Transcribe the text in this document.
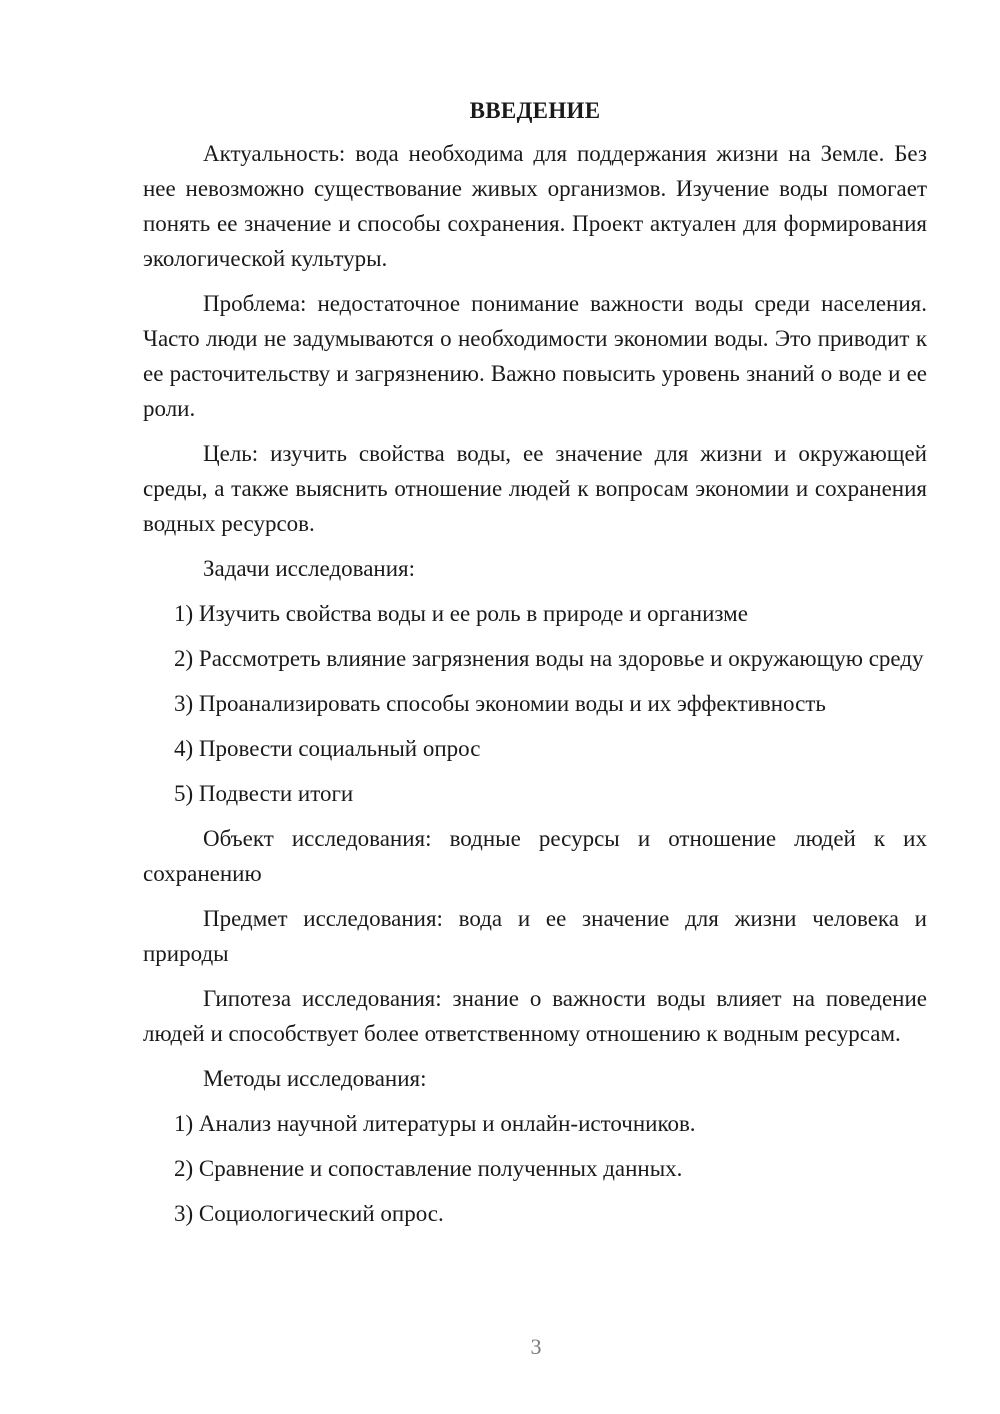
ВВЕДЕНИЕ

Актуальность: вода необходима для поддержания жизни на Земле. Без нее невозможно существование живых организмов. Изучение воды помогает понять ее значение и способы сохранения. Проект актуален для формирования экологической культуры.

Проблема: недостаточное понимание важности воды среди населения. Часто люди не задумываются о необходимости экономии воды. Это приводит к ее расточительству и загрязнению. Важно повысить уровень знаний о воде и ее роли.

Цель: изучить свойства воды, ее значение для жизни и окружающей среды, а также выяснить отношение людей к вопросам экономии и сохранения водных ресурсов.

Задачи исследования:

1) Изучить свойства воды и ее роль в природе и организме

2) Рассмотреть влияние загрязнения воды на здоровье и окружающую среду

3) Проанализировать способы экономии воды и их эффективность

4) Провести социальный опрос

5) Подвести итоги

Объект исследования: водные ресурсы и отношение людей к их сохранению

Предмет исследования: вода и ее значение для жизни человека и природы

Гипотеза исследования: знание о важности воды влияет на поведение людей и способствует более ответственному отношению к водным ресурсам.

Методы исследования:

1) Анализ научной литературы и онлайн-источников.

2) Сравнение и сопоставление полученных данных.

3) Социологический опрос.

3
